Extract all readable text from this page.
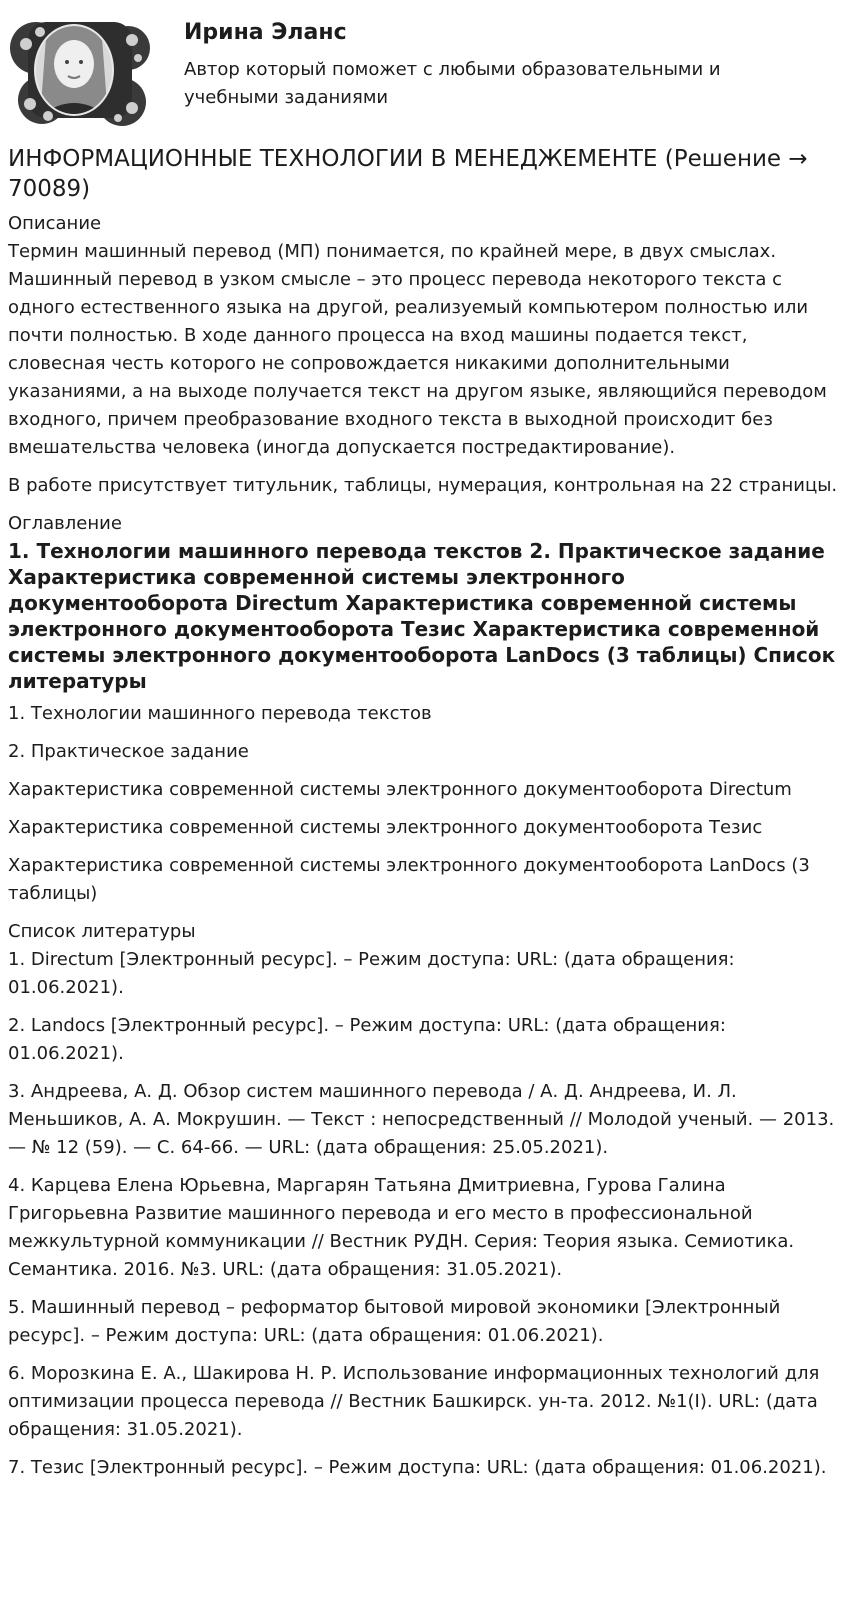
Ирина Эланс
Автор который поможет с любыми образовательными и учебными заданиями
ИНФОРМАЦИОННЫЕ ТЕХНОЛОГИИ В МЕНЕДЖЕМЕНТЕ (Решение → 70089)
Описание

Термин машинный перевод (МП) понимается, по крайней мере, в двух смыслах. Машинный перевод в узком смысле – это процесс перевода некоторого текста с одного естественного языка на другой, реализуемый компьютером полностью или почти полностью. В ходе данного процесса на вход машины подается текст, словесная честь которого не сопровождается никакими дополнительными указаниями, а на выходе получается текст на другом языке, являющийся переводом входного, причем преобразование входного текста в выходной происходит без вмешательства человека (иногда допускается постредактирование).

В работе присутствует титульник, таблицы, нумерация, контрольная на 22 страницы.

Оглавление
1. Технологии машинного перевода текстов 2. Практическое задание Характеристика современной системы электронного документооборота Directum Характеристика современной системы электронного документооборота Тезис Характеристика современной системы электронного документооборота LanDocs (3 таблицы) Список литературы

1. Технологии машинного перевода текстов

2. Практическое задание

Характеристика современной системы электронного документооборота Directum

Характеристика современной системы электронного документооборота Тезис

Характеристика современной системы электронного документооборота LanDocs (3 таблицы)

Список литературы

1. Directum [Электронный ресурс]. – Режим доступа: URL: (дата обращения: 01.06.2021).

2. Landocs [Электронный ресурс]. – Режим доступа: URL: (дата обращения: 01.06.2021).

3. Андреева, А. Д. Обзор систем машинного перевода / А. Д. Андреева, И. Л. Меньшиков, А. А. Мокрушин. — Текст : непосредственный // Молодой ученый. — 2013. — № 12 (59). — С. 64-66. — URL: (дата обращения: 25.05.2021).

4. Карцева Елена Юрьевна, Маргарян Татьяна Дмитриевна, Гурова Галина Григорьевна Развитие машинного перевода и его место в профессиональной межкультурной коммуникации // Вестник РУДН. Серия: Теория языка. Семиотика. Семантика. 2016. №3. URL: (дата обращения: 31.05.2021).

5. Машинный перевод – реформатор бытовой мировой экономики [Электронный ресурс]. – Режим доступа: URL: (дата обращения: 01.06.2021).

6. Морозкина Е. А., Шакирова Н. Р. Использование информационных технологий для оптимизации процесса перевода // Вестник Башкирск. ун-та. 2012. №1(I). URL: (дата обращения: 31.05.2021).

7. Тезис [Электронный ресурс]. – Режим доступа: URL: (дата обращения: 01.06.2021).
